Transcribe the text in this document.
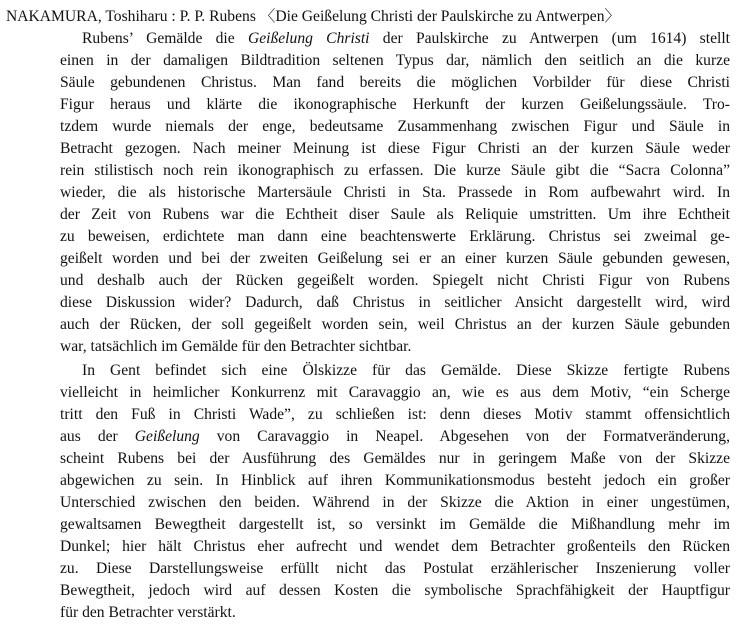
NAKAMURA, Toshiharu : P. P. Rubens 〈Die Geißelung Christi der Paulskirche zu Antwerpen〉
Rubens’ Gemälde die Geißelung Christi der Paulskirche zu Antwerpen (um 1614) stellt
einen in der damaligen Bildtradition seltenen Typus dar, nämlich den seitlich an die kurze
Säule gebundenen Christus. Man fand bereits die möglichen Vorbilder für diese Christi
Figur heraus und klärte die ikonographische Herkunft der kurzen Geißelungssäule. Tro-
tzdem wurde niemals der enge, bedeutsame Zusammenhang zwischen Figur und Säule in
Betracht gezogen. Nach meiner Meinung ist diese Figur Christi an der kurzen Säule weder
rein stilistisch noch rein ikonographisch zu erfassen. Die kurze Säule gibt die “Sacra Colonna”
wieder, die als historische Martersäule Christi in Sta. Prassede in Rom aufbewahrt wird. In
der Zeit von Rubens war die Echtheit diser Saule als Reliquie umstritten. Um ihre Echtheit
zu beweisen, erdichtete man dann eine beachtenswerte Erklärung. Christus sei zweimal ge-
geißelt worden und bei der zweiten Geißelung sei er an einer kurzen Säule gebunden gewesen,
und deshalb auch der Rücken gegeißelt worden. Spiegelt nicht Christi Figur von Rubens
diese Diskussion wider? Dadurch, daß Christus in seitlicher Ansicht dargestellt wird, wird
auch der Rücken, der soll gegeißelt worden sein, weil Christus an der kurzen Säule gebunden
war, tatsächlich im Gemälde für den Betrachter sichtbar.
In Gent befindet sich eine Ölskizze für das Gemälde. Diese Skizze fertigte Rubens
vielleicht in heimlicher Konkurrenz mit Caravaggio an, wie es aus dem Motiv, “ein Scherge
tritt den Fuß in Christi Wade”, zu schließen ist: denn dieses Motiv stammt offensichtlich
aus der Geißelung von Caravaggio in Neapel. Abgesehen von der Formatveränderung,
scheint Rubens bei der Ausführung des Gemäldes nur in geringem Maße von der Skizze
abgewichen zu sein. In Hinblick auf ihren Kommunikationsmodus besteht jedoch ein großer
Unterschied zwischen den beiden. Während in der Skizze die Aktion in einer ungestümen,
gewaltsamen Bewegtheit dargestellt ist, so versinkt im Gemälde die Mißhandlung mehr im
Dunkel; hier hält Christus eher aufrecht und wendet dem Betrachter großenteils den Rücken
zu. Diese Darstellungsweise erfüllt nicht das Postulat erzählerischer Inszenierung voller
Bewegtheit, jedoch wird auf dessen Kosten die symbolische Sprachfähigkeit der Hauptfigur
für den Betrachter verstärkt.
